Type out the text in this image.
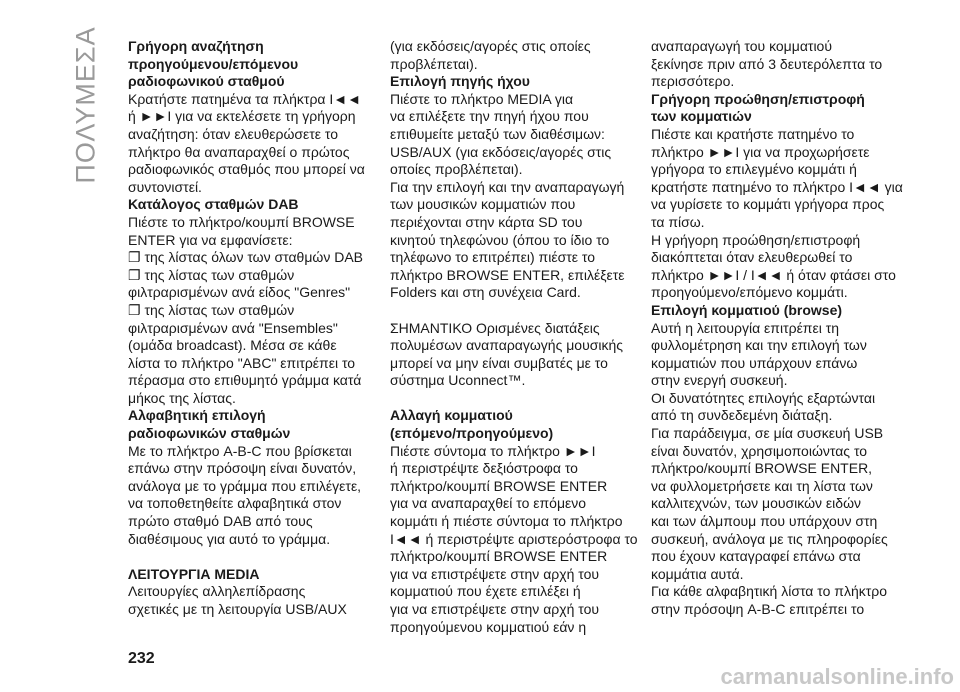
ΠΟΛΥΜΕΣΑ Γρήγορη αναζήτηση
προηγούμενου/επόμενου
ραδιοφωνικού σταθμού
Κρατήστε πατημένα τα πλήκτρα I◄◄
ή ►►I για να εκτελέσετε τη γρήγορη
αναζήτηση: όταν ελευθερώσετε το
πλήκτρο θα αναπαραχθεί ο πρώτος
ραδιοφωνικός σταθμός που μπορεί να
συντονιστεί.
Κατάλογος σταθμών DAB
Πιέστε το πλήκτρο/κουμπί BROWSE
ENTER για να εμφανίσετε:
❐ της λίστας όλων των σταθμών DAB
❐ της λίστας των σταθμών
φιλτραρισμένων ανά είδος "Genres"
❐ της λίστας των σταθμών
φιλτραρισμένων ανά "Ensembles"
(ομάδα broadcast). Μέσα σε κάθε
λίστα το πλήκτρο "ABC" επιτρέπει το
πέρασμα στο επιθυμητό γράμμα κατά
μήκος της λίστας.
Αλφαβητική επιλογή
ραδιοφωνικών σταθμών
Με το πλήκτρο A-B-C που βρίσκεται
επάνω στην πρόσοψη είναι δυνατόν,
ανάλογα με το γράμμα που επιλέγετε,
να τοποθετηθείτε αλφαβητικά στον
πρώτο σταθμό DAB από τους
διαθέσιμους για αυτό το γράμμα.
ΛΕΙΤΟΥΡΓΙΑ MEDIA
Λειτουργίες αλληλεπίδρασης
σχετικές με τη λειτουργία USB/AUX
(για εκδόσεις/αγορές στις οποίες
προβλέπεται).
Επιλογή πηγής ήχου
Πιέστε το πλήκτρο MEDIA για
να επιλέξετε την πηγή ήχου που
επιθυμείτε μεταξύ των διαθέσιμων:
USB/AUX (για εκδόσεις/αγορές στις
οποίες προβλέπεται).
Για την επιλογή και την αναπαραγωγή
των μουσικών κομματιών που
περιέχονται στην κάρτα SD του
κινητού τηλεφώνου (όπου το ίδιο το
τηλέφωνο το επιτρέπει) πιέστε το
πλήκτρο BROWSE ENTER, επιλέξετε
Folders και στη συνέχεια Card.
ΣΗΜΑΝΤΙΚΟ Ορισμένες διατάξεις
πολυμέσων αναπαραγωγής μουσικής
μπορεί να μην είναι συμβατές με το
σύστημα Uconnect™.
Αλλαγή κομματιού
(επόμενο/προηγούμενο)
Πιέστε σύντομα το πλήκτρο ►►I
ή περιστρέψτε δεξιόστροφα το
πλήκτρο/κουμπί BROWSE ENTER
για να αναπαραχθεί το επόμενο
κομμάτι ή πιέστε σύντομα το πλήκτρο
I◄◄ ή περιστρέψτε αριστερόστροφα το
πλήκτρο/κουμπί BROWSE ENTER
για να επιστρέψετε στην αρχή του
κομματιού που έχετε επιλέξει ή
για να επιστρέψετε στην αρχή του
προηγούμενου κομματιού εάν η
αναπαραγωγή του κομματιού
ξεκίνησε πριν από 3 δευτερόλεπτα το
περισσότερο.
Γρήγορη προώθηση/επιστροφή
των κομματιών
Πιέστε και κρατήστε πατημένο το
πλήκτρο ►►I για να προχωρήσετε
γρήγορα το επιλεγμένο κομμάτι ή
κρατήστε πατημένο το πλήκτρο I◄◄ για
να γυρίσετε το κομμάτι γρήγορα προς
τα πίσω.
Η γρήγορη προώθηση/επιστροφή
διακόπτεται όταν ελευθερωθεί το
πλήκτρο ►►I / I◄◄ ή όταν φτάσει στο
προηγούμενο/επόμενο κομμάτι.
Επιλογή κομματιού (browse)
Αυτή η λειτουργία επιτρέπει τη
φυλλομέτρηση και την επιλογή των
κομματιών που υπάρχουν επάνω
στην ενεργή συσκευή.
Οι δυνατότητες επιλογής εξαρτώνται
από τη συνδεδεμένη διάταξη.
Για παράδειγμα, σε μία συσκευή USB
είναι δυνατόν, χρησιμοποιώντας το
πλήκτρο/κουμπί BROWSE ENTER,
να φυλλομετρήσετε και τη λίστα των
καλλιτεχνών, των μουσικών ειδών
και των άλμπουμ που υπάρχουν στη
συσκευή, ανάλογα με τις πληροφορίες
που έχουν καταγραφεί επάνω στα
κομμάτια αυτά.
Για κάθε αλφαβητική λίστα το πλήκτρο
στην πρόσοψη A-B-C επιτρέπει το
232
carmanualsonline.info
